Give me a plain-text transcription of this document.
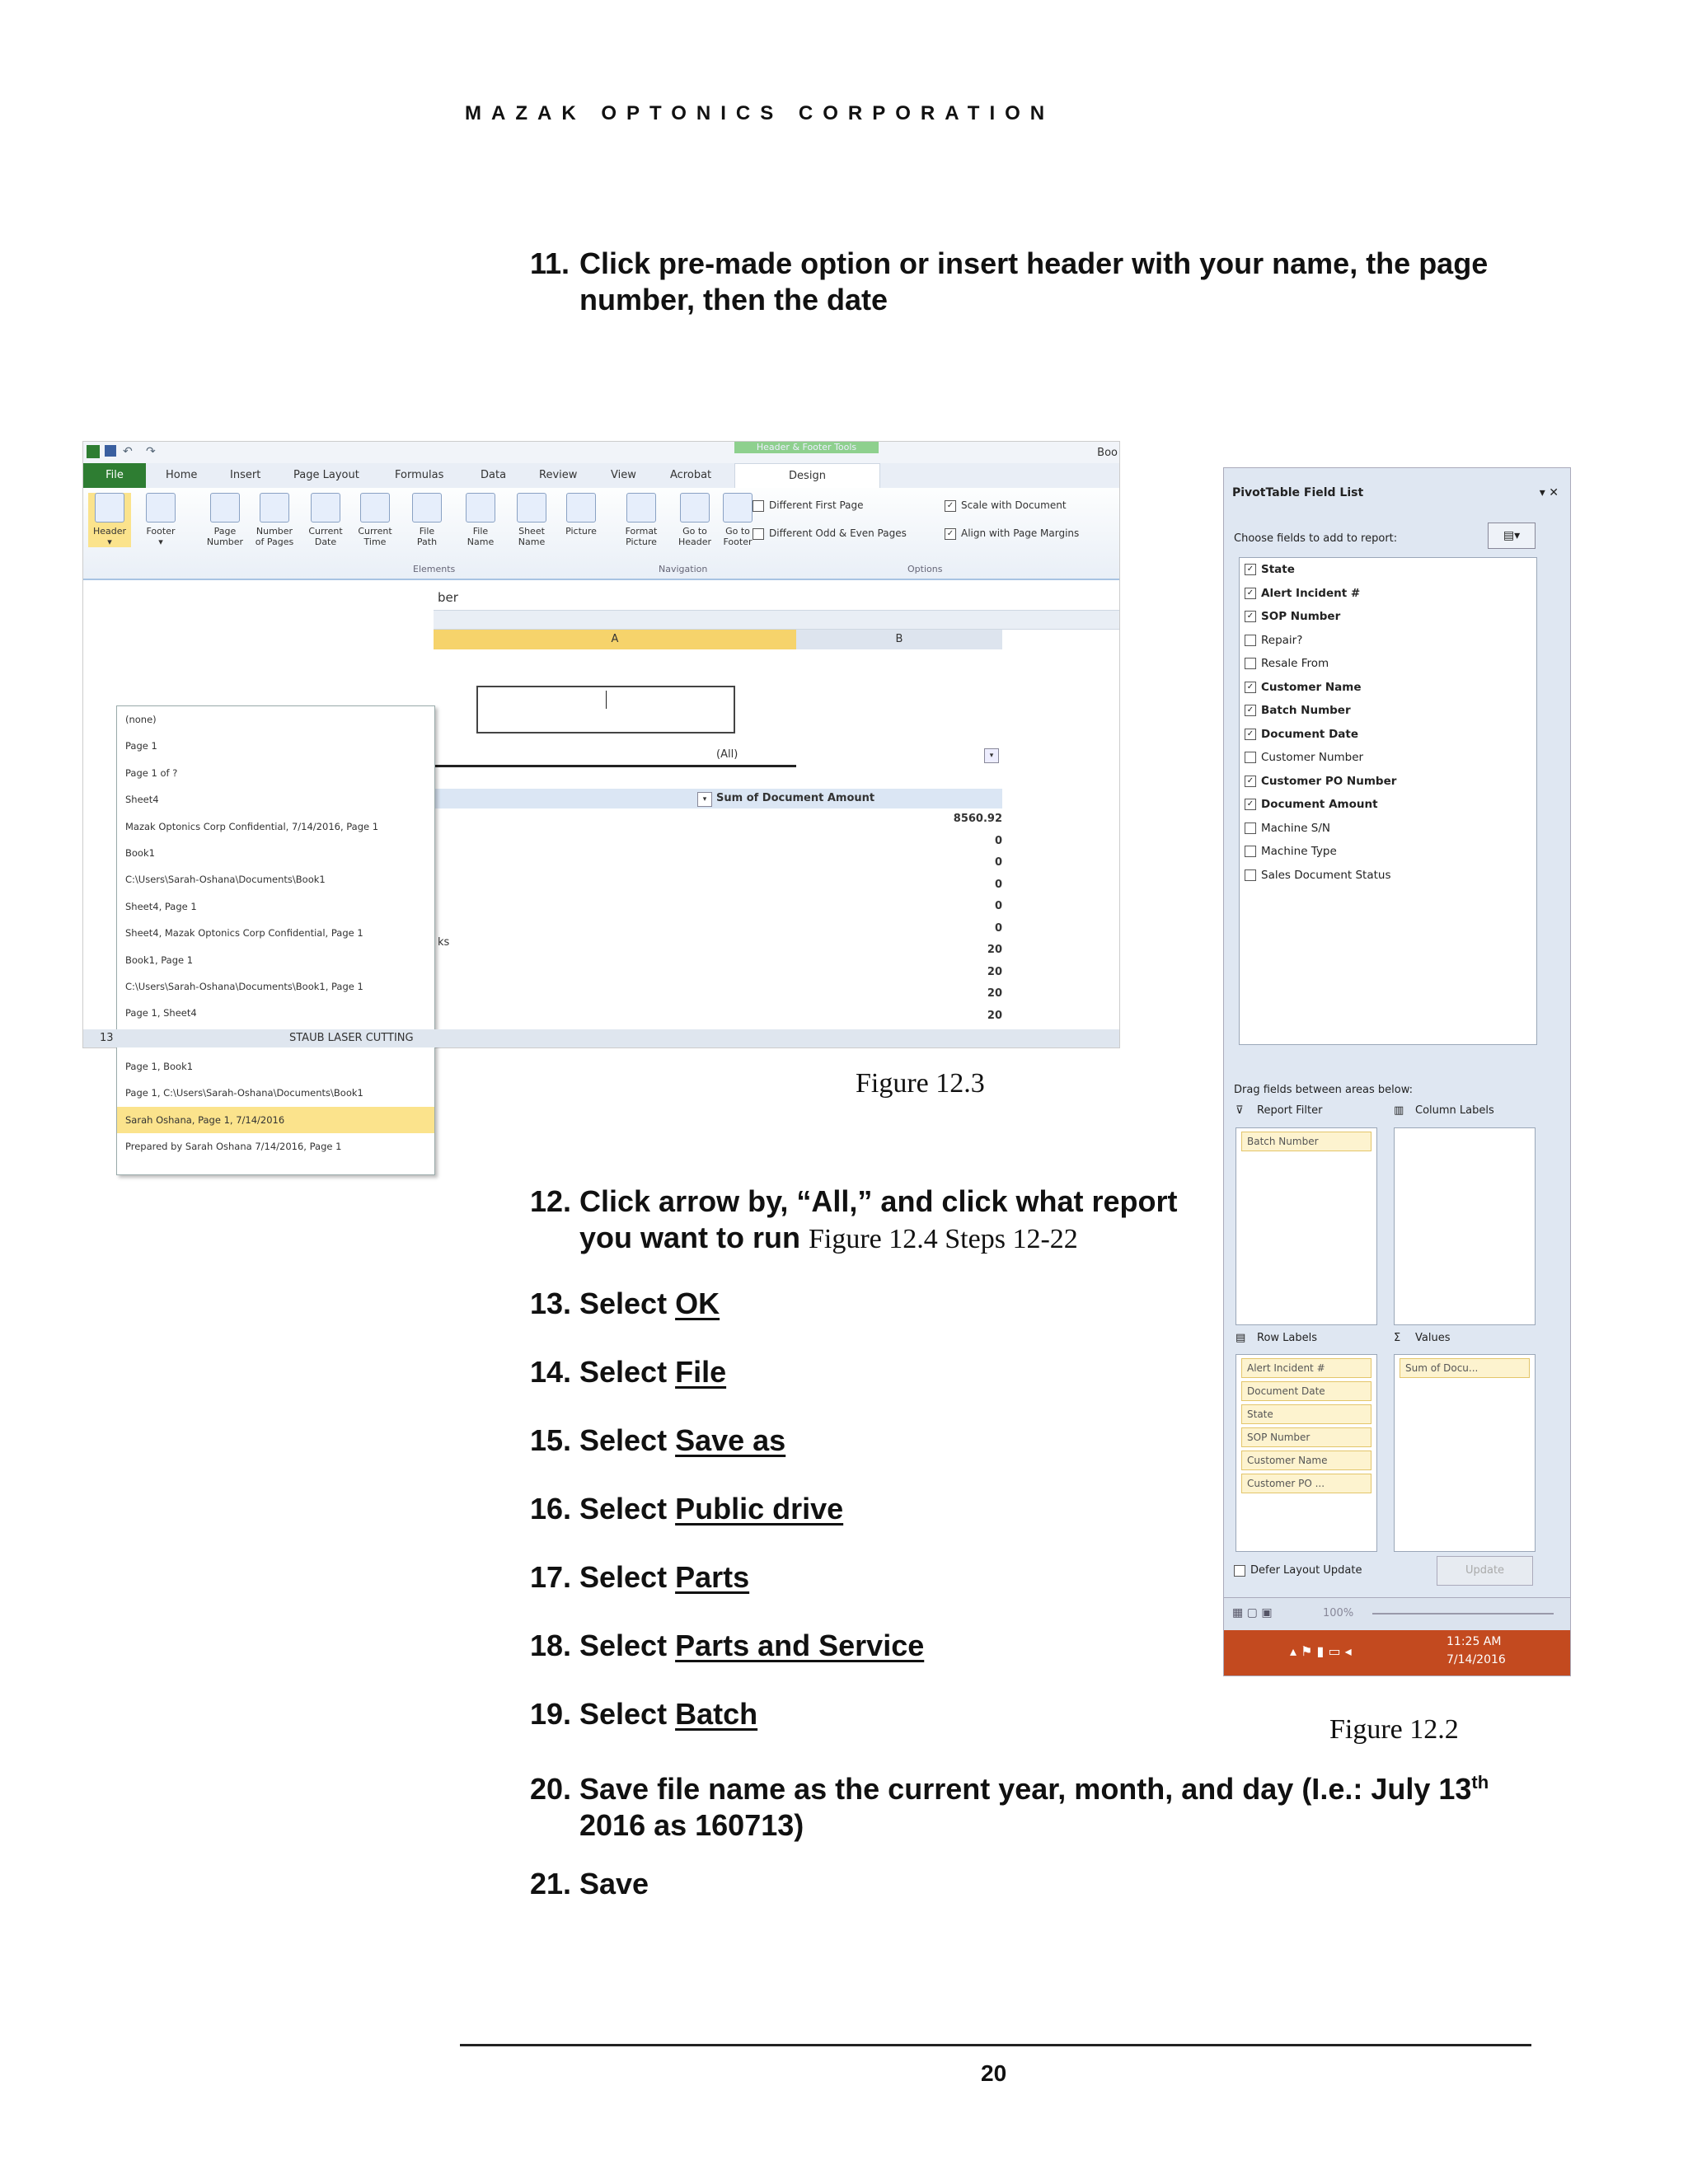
MAZAK OPTONICS CORPORATION
11. Click pre-made option or insert header with your name, the page
number, then the date
↶ ↷	Header & Footer Tools	Boo
File	Home	Insert	Page Layout	Formulas	Data	Review	View	Acrobat	Design
Elements	Navigation	Options
Different First Page	✓ Scale with Document
Different Odd & Even Pages	✓ Align with Page Margins
Header
▾
Footer
▾
Page
Number
Number
of Pages
Current
Date
Current
Time
File
Path
File
Name
Sheet
Name
Picture	Format
Picture
Go to
Header
Go to
Footer
ber
A	B
(All)	▾
▾ Sum of Document Amount
8560.92
0
0
0
0
0
20
20
20
20
ks
(none)
Page 1
Page 1 of ?
Sheet4
Mazak Optonics Corp Confidential, 7/14/2016, Page 1
Book1
C:\Users\Sarah-Oshana\Documents\Book1
Sheet4, Page 1
Sheet4, Mazak Optonics Corp Confidential, Page 1
Book1, Page 1
C:\Users\Sarah-Oshana\Documents\Book1, Page 1
Page 1, Sheet4
Page 1, Book1
Page 1, C:\Users\Sarah-Oshana\Documents\Book1
Sarah Oshana, Page 1, 7/14/2016
Prepared by Sarah Oshana 7/14/2016, Page 1
13	STAUB LASER CUTTING
Figure 12.3
PivotTable Field List	▾ ✕
Choose fields to add to report:	▤▾
✓ State
✓ Alert Incident #
✓ SOP Number
Repair?
Resale From
✓ Customer Name
✓ Batch Number
✓ Document Date
Customer Number
✓ Customer PO Number
✓ Document Amount
Machine S/N
Machine Type
Sales Document Status
Drag fields between areas below:
⊽ Report Filter	▥ Column Labels
Batch Number
▤ Row Labels	Σ Values
Alert Incident #
Document Date
State
SOP Number
Customer Name
Customer PO ...
Sum of Docu...
Defer Layout Update	Update
▦ ▢ ▣	100%
▴ ⚑ ▮ ▭ ◂
11:25 AM
7/14/2016
Figure 12.2
12. Click arrow by, “All,” and click what report
you want to run Figure 12.4 Steps 12-22
13. Select OK
14. Select File
15. Select Save as
16. Select Public drive
17. Select Parts
18. Select Parts and Service
19. Select Batch
20. Save file name as the current year, month, and day (I.e.: July 13th
2016 as 160713)
21. Save
20
